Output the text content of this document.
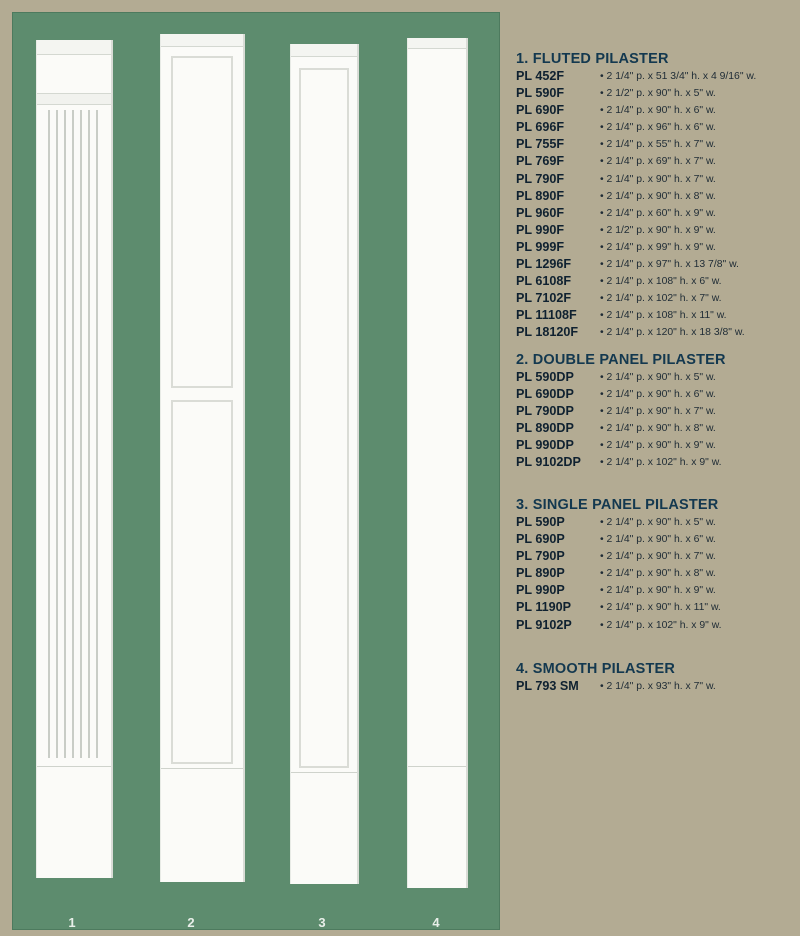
1	2	3	4
1. FLUTED PILASTER
PL 452F	• 2 1/4" p. x 51 3/4" h. x 4 9/16" w.
PL 590F	• 2 1/2" p. x 90" h. x 5" w.
PL 690F	• 2 1/4" p. x 90" h. x 6" w.
PL 696F	• 2 1/4" p. x 96" h. x 6" w.
PL 755F	• 2 1/4" p. x 55" h. x 7" w.
PL 769F	• 2 1/4" p. x 69" h. x 7" w.
PL 790F	• 2 1/4" p. x 90" h. x 7" w.
PL 890F	• 2 1/4" p. x 90" h. x 8" w.
PL 960F	• 2 1/4" p. x 60" h. x 9" w.
PL 990F	• 2 1/2" p. x 90" h. x 9" w.
PL 999F	• 2 1/4" p. x 99" h. x 9" w.
PL 1296F	• 2 1/4" p. x 97" h. x 13 7/8" w.
PL 6108F	• 2 1/4" p. x 108" h. x 6" w.
PL 7102F	• 2 1/4" p. x 102" h. x 7" w.
PL 11108F	• 2 1/4" p. x 108" h. x 11" w.
PL 18120F	• 2 1/4" p. x 120" h. x 18 3/8" w.
2. DOUBLE PANEL PILASTER
PL 590DP	• 2 1/4" p. x 90" h. x 5" w.
PL 690DP	• 2 1/4" p. x 90" h. x 6" w.
PL 790DP	• 2 1/4" p. x 90" h. x 7" w.
PL 890DP	• 2 1/4" p. x 90" h. x 8" w.
PL 990DP	• 2 1/4" p. x 90" h. x 9" w.
PL 9102DP	• 2 1/4" p. x 102" h. x 9" w.
3. SINGLE PANEL PILASTER
PL 590P	• 2 1/4" p. x 90" h. x 5" w.
PL 690P	• 2 1/4" p. x 90" h. x 6" w.
PL 790P	• 2 1/4" p. x 90" h. x 7" w.
PL 890P	• 2 1/4" p. x 90" h. x 8" w.
PL 990P	• 2 1/4" p. x 90" h. x 9" w.
PL 1190P	• 2 1/4" p. x 90" h. x 11" w.
PL 9102P	• 2 1/4" p. x 102" h. x 9" w.
4. SMOOTH PILASTER
PL 793 SM	• 2 1/4" p. x 93" h. x 7" w.
